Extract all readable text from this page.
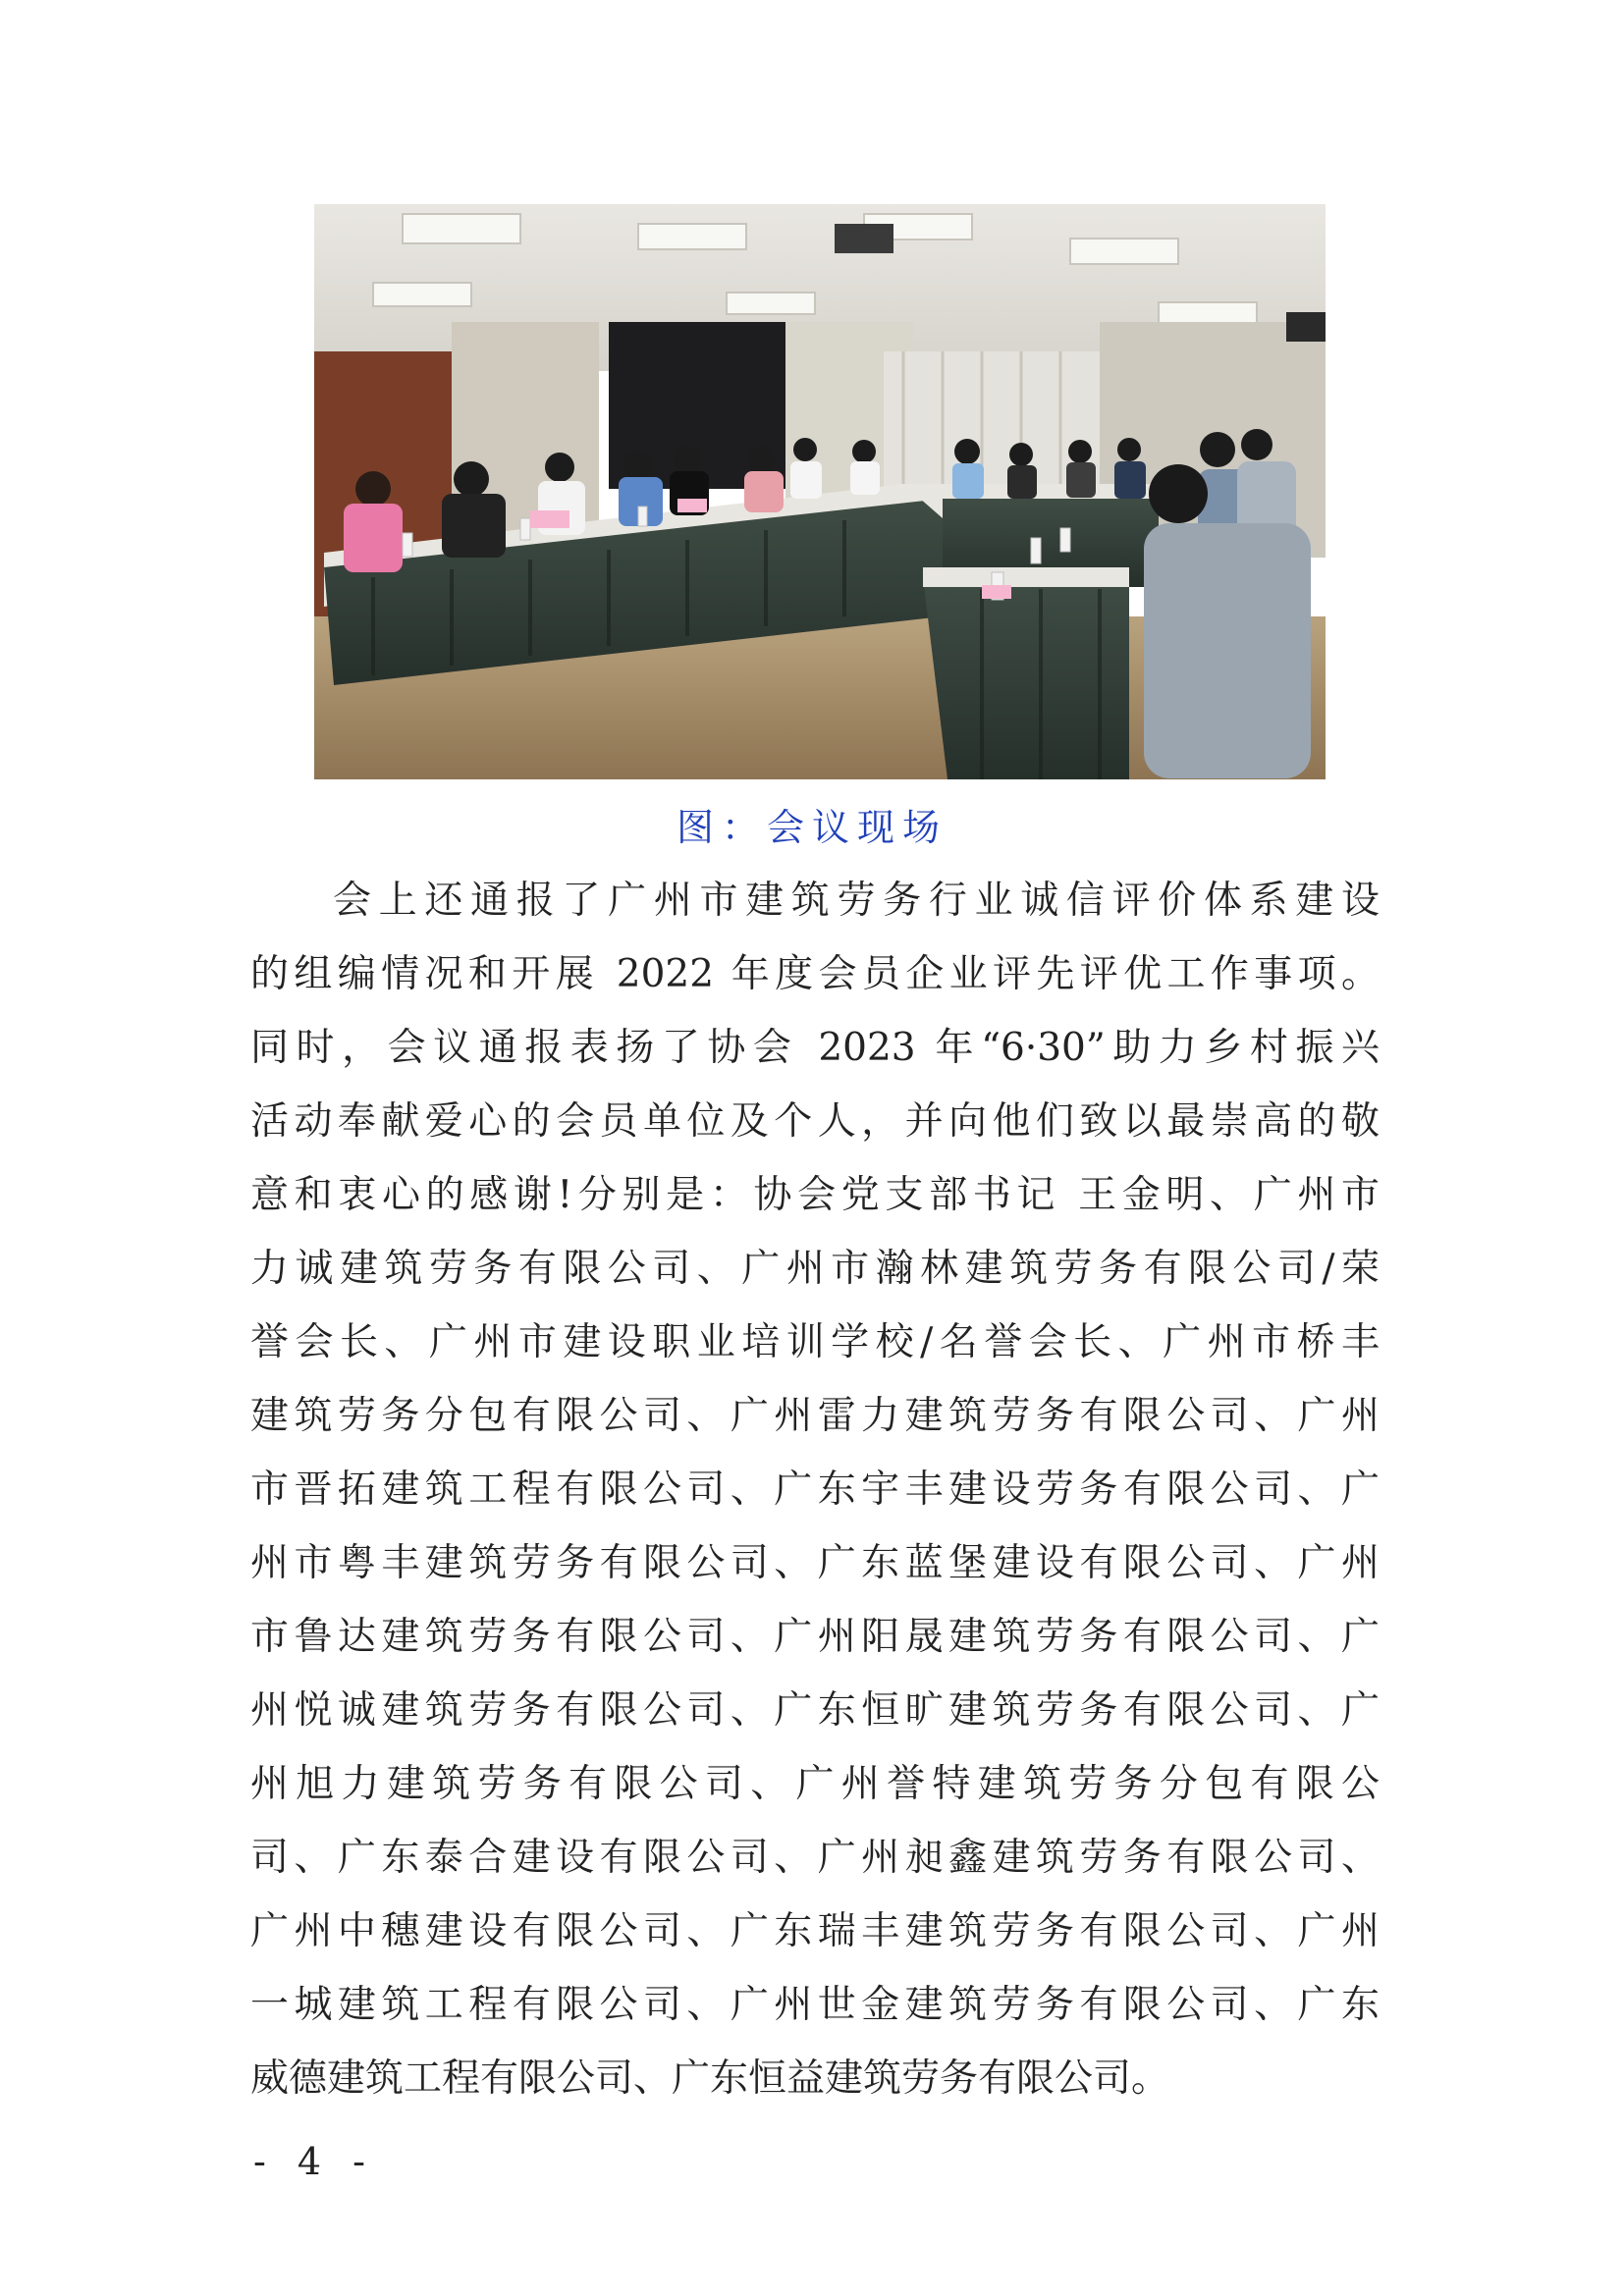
图：会议现场
会上还通报了广州市建筑劳务行业诚信评价体系建设
的组编情况和开展 2022 年度会员企业评先评优工作事项。
同时，会议通报表扬了协会 2023 年“6·30”助力乡村振兴
活动奉献爱心的会员单位及个人，并向他们致以最崇高的敬
意和衷心的感谢!分别是：协会党支部书记 王金明、广州市
力诚建筑劳务有限公司、广州市瀚林建筑劳务有限公司/荣
誉会长、广州市建设职业培训学校/名誉会长、广州市桥丰
建筑劳务分包有限公司、广州雷力建筑劳务有限公司、广州
市晋拓建筑工程有限公司、广东宇丰建设劳务有限公司、广
州市粤丰建筑劳务有限公司、广东蓝堡建设有限公司、广州
市鲁达建筑劳务有限公司、广州阳晟建筑劳务有限公司、广
州悦诚建筑劳务有限公司、广东恒旷建筑劳务有限公司、广
州旭力建筑劳务有限公司、广州誉特建筑劳务分包有限公
司、广东泰合建设有限公司、广州昶鑫建筑劳务有限公司、
广州中穗建设有限公司、广东瑞丰建筑劳务有限公司、广州
一城建筑工程有限公司、广州世金建筑劳务有限公司、广东
威德建筑工程有限公司、广东恒益建筑劳务有限公司。
- 4 -
